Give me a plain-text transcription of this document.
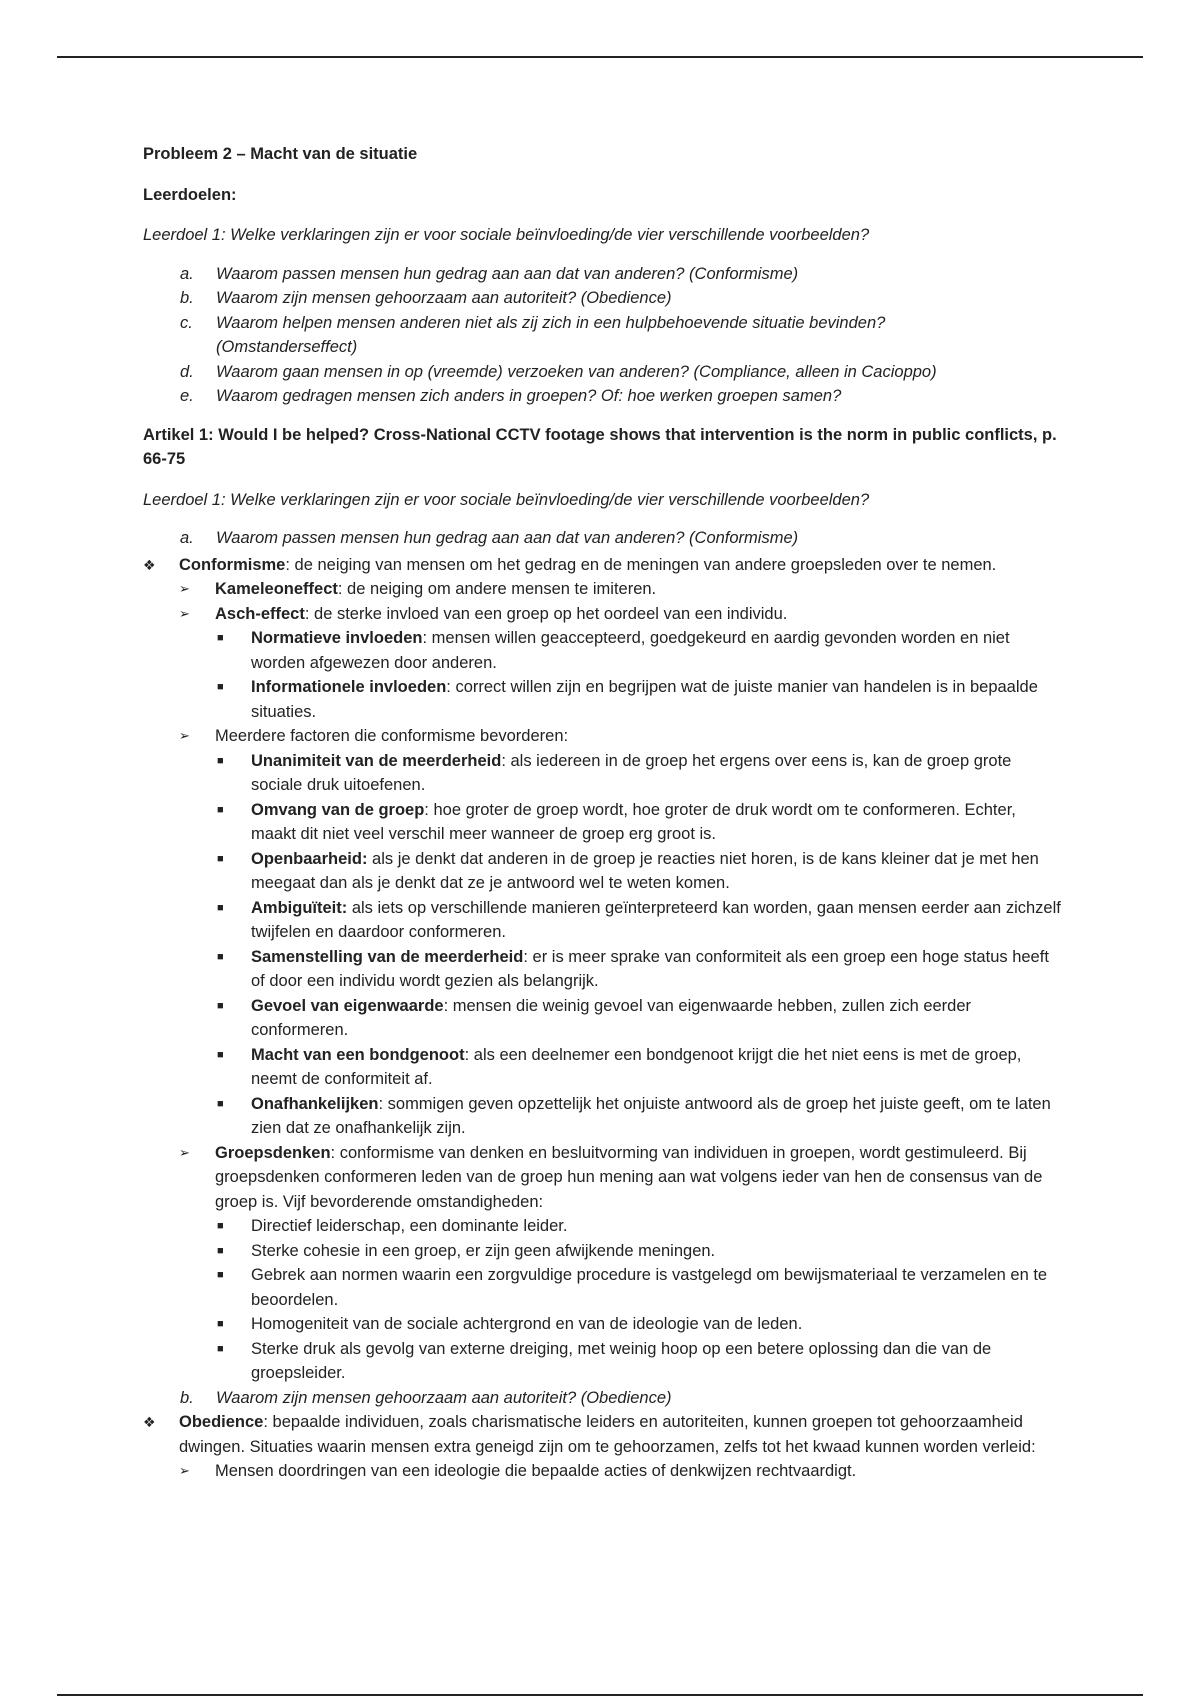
Probleem 2 – Macht van de situatie

Leerdoelen:

Leerdoel 1: Welke verklaringen zijn er voor sociale beïnvloeding/de vier verschillende voorbeelden?

a.	Waarom passen mensen hun gedrag aan aan dat van anderen? (Conformisme)
b.	Waarom zijn mensen gehoorzaam aan autoriteit? (Obedience)
c.	Waarom helpen mensen anderen niet als zij zich in een hulpbehoevende situatie bevinden? (Omstanderseffect)
d.	Waarom gaan mensen in op (vreemde) verzoeken van anderen? (Compliance, alleen in Cacioppo)
e.	Waarom gedragen mensen zich anders in groepen? Of: hoe werken groepen samen?

Artikel 1: Would I be helped? Cross-National CCTV footage shows that intervention is the norm in public conflicts, p. 66-75

Leerdoel 1: Welke verklaringen zijn er voor sociale beïnvloeding/de vier verschillende voorbeelden?

a.	Waarom passen mensen hun gedrag aan aan dat van anderen? (Conformisme)
❖	Conformisme: de neiging van mensen om het gedrag en de meningen van andere groepsleden over te nemen.
➢	Kameleoneffect: de neiging om andere mensen te imiteren.
➢	Asch-effect: de sterke invloed van een groep op het oordeel van een individu.
■	Normatieve invloeden: mensen willen geaccepteerd, goedgekeurd en aardig gevonden worden en niet worden afgewezen door anderen.
■	Informationele invloeden: correct willen zijn en begrijpen wat de juiste manier van handelen is in bepaalde situaties.
➢	Meerdere factoren die conformisme bevorderen:
■	Unanimiteit van de meerderheid: als iedereen in de groep het ergens over eens is, kan de groep grote sociale druk uitoefenen.
■	Omvang van de groep: hoe groter de groep wordt, hoe groter de druk wordt om te conformeren. Echter, maakt dit niet veel verschil meer wanneer de groep erg groot is.
■	Openbaarheid: als je denkt dat anderen in de groep je reacties niet horen, is de kans kleiner dat je met hen meegaat dan als je denkt dat ze je antwoord wel te weten komen.
■	Ambiguïteit: als iets op verschillende manieren geïnterpreteerd kan worden, gaan mensen eerder aan zichzelf twijfelen en daardoor conformeren.
■	Samenstelling van de meerderheid: er is meer sprake van conformiteit als een groep een hoge status heeft of door een individu wordt gezien als belangrijk.
■	Gevoel van eigenwaarde: mensen die weinig gevoel van eigenwaarde hebben, zullen zich eerder conformeren.
■	Macht van een bondgenoot: als een deelnemer een bondgenoot krijgt die het niet eens is met de groep, neemt de conformiteit af.
■	Onafhankelijken: sommigen geven opzettelijk het onjuiste antwoord als de groep het juiste geeft, om te laten zien dat ze onafhankelijk zijn.
➢	Groepsdenken: conformisme van denken en besluitvorming van individuen in groepen, wordt gestimuleerd. Bij groepsdenken conformeren leden van de groep hun mening aan wat volgens ieder van hen de consensus van de groep is. Vijf bevorderende omstandigheden:
■	Directief leiderschap, een dominante leider.
■	Sterke cohesie in een groep, er zijn geen afwijkende meningen.
■	Gebrek aan normen waarin een zorgvuldige procedure is vastgelegd om bewijsmateriaal te verzamelen en te beoordelen.
■	Homogeniteit van de sociale achtergrond en van de ideologie van de leden.
■	Sterke druk als gevolg van externe dreiging, met weinig hoop op een betere oplossing dan die van de groepsleider.
b.	Waarom zijn mensen gehoorzaam aan autoriteit? (Obedience)
❖	Obedience: bepaalde individuen, zoals charismatische leiders en autoriteiten, kunnen groepen tot gehoorzaamheid dwingen. Situaties waarin mensen extra geneigd zijn om te gehoorzamen, zelfs tot het kwaad kunnen worden verleid:
➢	Mensen doordringen van een ideologie die bepaalde acties of denkwijzen rechtvaardigt.
